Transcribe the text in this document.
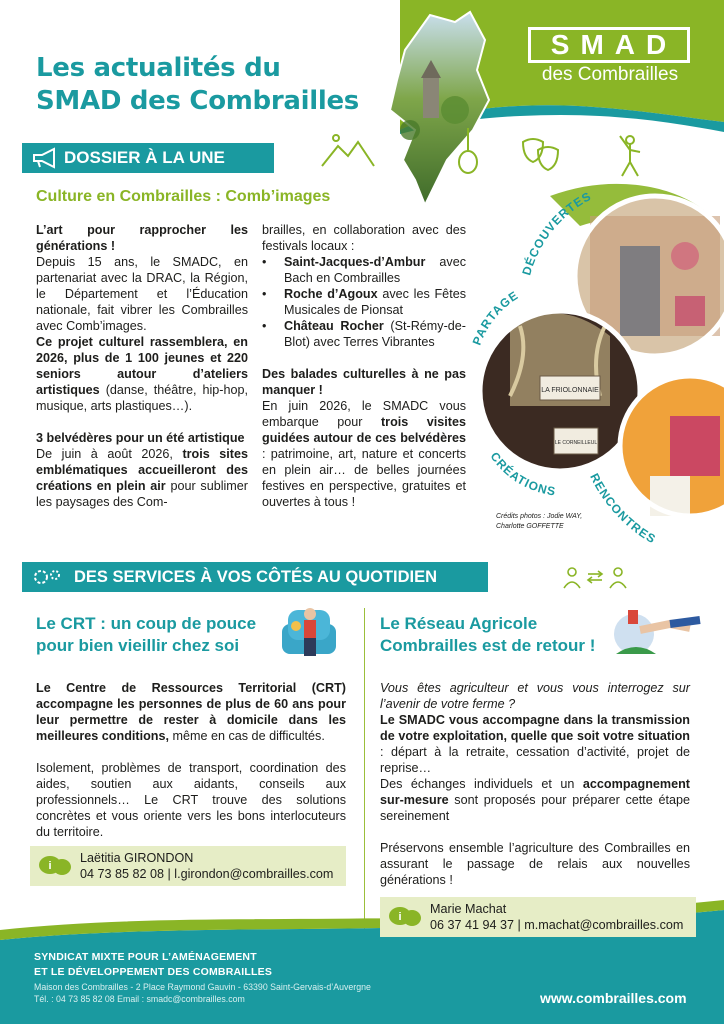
Les actualités du
SMAD des Combrailles
SMAD
des Combrailles
DOSSIER À LA UNE
Culture en Combrailles : Comb’images

L’art pour rapprocher les générations !
Depuis 15 ans, le SMADC, en partenariat avec la DRAC, la Région, le Département et l’Éducation nationale, fait vibrer les Combrailles avec Comb’images.

Ce projet culturel rassemblera, en 2026, plus de 1 100 jeunes et 220 seniors autour d’ateliers artistiques (danse, théâtre, hip-hop, musique, arts plastiques…).

3 belvédères pour un été artistique
De juin à août 2026, trois sites emblématiques accueilleront des créations en plein air pour sublimer les paysages des Com-

brailles, en collaboration avec des festivals locaux :

• Saint-Jacques-d’Ambur avec Bach en Combrailles
• Roche d’Agoux avec les Fêtes Musicales de Pionsat
• Château Rocher (St-Rémy-de-Blot) avec Terres Vibrantes

Des balades culturelles à ne pas manquer !
En juin 2026, le SMADC vous embarque pour trois visites guidées autour de ces belvédères : patrimoine, art, nature et concerts en plein air… de belles journées festives en perspective, gratuites et ouvertes à tous !

LA FRIOLONNAIE
LE CORNEILLEUL
DÉCOUVERTES
PARTAGE
CRÉATIONS
RENCONTRES
Crédits photos : Jodie WAY,
Charlotte GOFFETTE
DES SERVICES À VOS CÔTÉS AU QUOTIDIEN
Le CRT : un coup de pouce
pour bien vieillir chez soi

Le Centre de Ressources Territorial (CRT) accompagne les personnes de plus de 60 ans pour leur permettre de rester à domicile dans les meilleures conditions, même en cas de difficultés.

Isolement, problèmes de transport, coordination des aides, soutien aux aidants, conseils aux professionnels… Le CRT trouve des solutions concrètes et vous oriente vers les bons interlocuteurs du territoire.

i
Laëtitia GIRONDON
04 73 85 82 08 | l.girondon@combrailles.com
Le Réseau Agricole
Combrailles est de retour !

Vous êtes agriculteur et vous vous interrogez sur l’avenir de votre ferme ?

Le SMADC vous accompagne dans la transmission de votre exploitation, quelle que soit votre situation : départ à la retraite, cessation d’activité, projet de reprise…

Des échanges individuels et un accompagnement sur-mesure sont proposés pour préparer cette étape sereinement

Préservons ensemble l’agriculture des Combrailles en assurant le passage de relais aux nouvelles générations !

i
Marie Machat
06 37 41 94 37 | m.machat@combrailles.com
SYNDICAT MIXTE POUR L’AMÉNAGEMENT
ET LE DÉVELOPPEMENT DES COMBRAILLES
Maison des Combrailles - 2 Place Raymond Gauvin - 63390 Saint-Gervais-d’Auvergne
Tél. : 04 73 85 82 08 Email : smadc@combrailles.com	www.combrailles.com
